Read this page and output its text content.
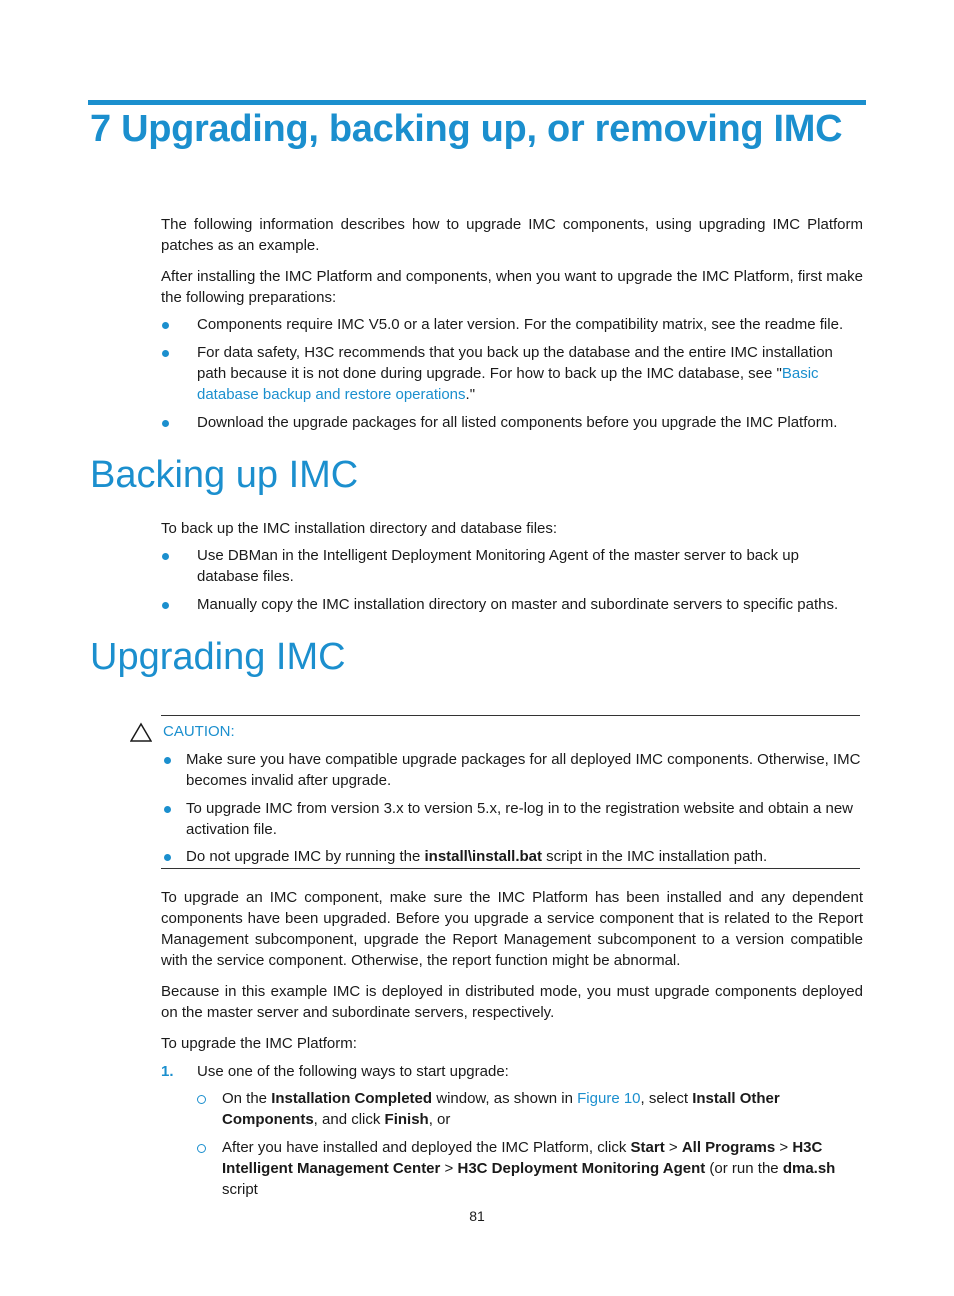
7 Upgrading, backing up, or removing IMC

The following information describes how to upgrade IMC components, using upgrading IMC Platform patches as an example.

After installing the IMC Platform and components, when you want to upgrade the IMC Platform, first make the following preparations:

Components require IMC V5.0 or a later version. For the compatibility matrix, see the readme file.

For data safety, H3C recommends that you back up the database and the entire IMC installation path because it is not done during upgrade. For how to back up the IMC database, see "Basic database backup and restore operations."

Download the upgrade packages for all listed components before you upgrade the IMC Platform.

Backing up IMC

To back up the IMC installation directory and database files:

Use DBMan in the Intelligent Deployment Monitoring Agent of the master server to back up database files.

Manually copy the IMC installation directory on master and subordinate servers to specific paths.

Upgrading IMC
CAUTION:

Make sure you have compatible upgrade packages for all deployed IMC components. Otherwise, IMC becomes invalid after upgrade.

To upgrade IMC from version 3.x to version 5.x, re-log in to the registration website and obtain a new activation file.

Do not upgrade IMC by running the install\install.bat script in the IMC installation path.

To upgrade an IMC component, make sure the IMC Platform has been installed and any dependent components have been upgraded. Before you upgrade a service component that is related to the Report Management subcomponent, upgrade the Report Management subcomponent to a version compatible with the service component. Otherwise, the report function might be abnormal.

Because in this example IMC is deployed in distributed mode, you must upgrade components deployed on the master server and subordinate servers, respectively.

To upgrade the IMC Platform:

1. Use one of the following ways to start upgrade:

On the Installation Completed window, as shown in Figure 10, select Install Other Components, and click Finish, or

After you have installed and deployed the IMC Platform, click Start > All Programs > H3C Intelligent Management Center > H3C Deployment Monitoring Agent (or run the dma.sh script

81
